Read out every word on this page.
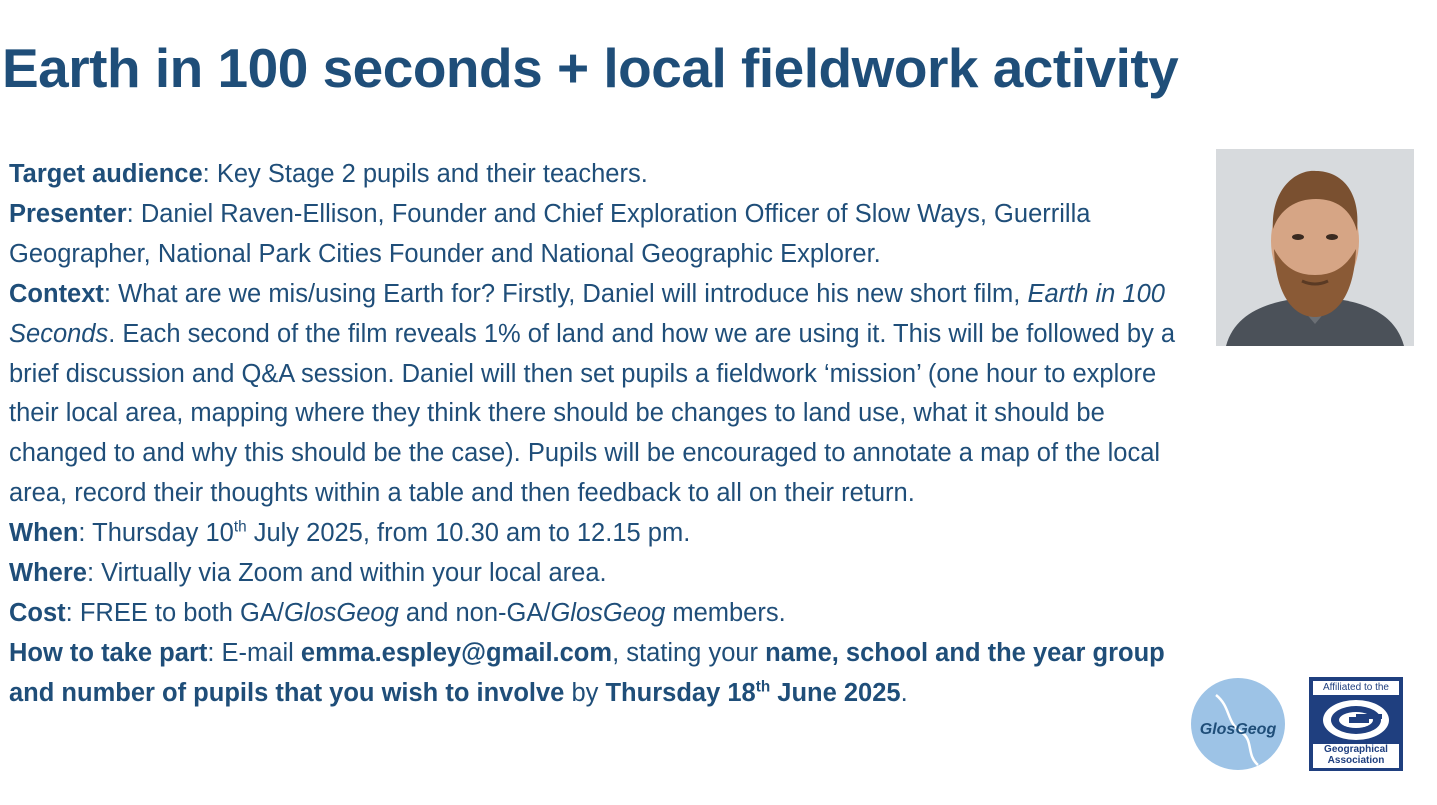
Earth in 100 seconds + local fieldwork activity

Target audience: Key Stage 2 pupils and their teachers.

Presenter: Daniel Raven-Ellison, Founder and Chief Exploration Officer of Slow Ways, Guerrilla Geographer, National Park Cities Founder and National Geographic Explorer.

Context: What are we mis/using Earth for? Firstly, Daniel will introduce his new short film, Earth in 100 Seconds. Each second of the film reveals 1% of land and how we are using it. This will be followed by a brief discussion and Q&A session. Daniel will then set pupils a fieldwork ‘mission’ (one hour to explore their local area, mapping where they think there should be changes to land use, what it should be changed to and why this should be the case). Pupils will be encouraged to annotate a map of the local area, record their thoughts within a table and then feedback to all on their return.

When: Thursday 10th July 2025, from 10.30 am to 12.15 pm.

Where: Virtually via Zoom and within your local area.

Cost: FREE to both GA/GlosGeog and non-GA/GlosGeog members.

How to take part: E-mail emma.espley@gmail.com, stating your name, school and the year group and number of pupils that you wish to involve by Thursday 18th June 2025.

GlosGeog
Affiliated to the
Geographical
Association
